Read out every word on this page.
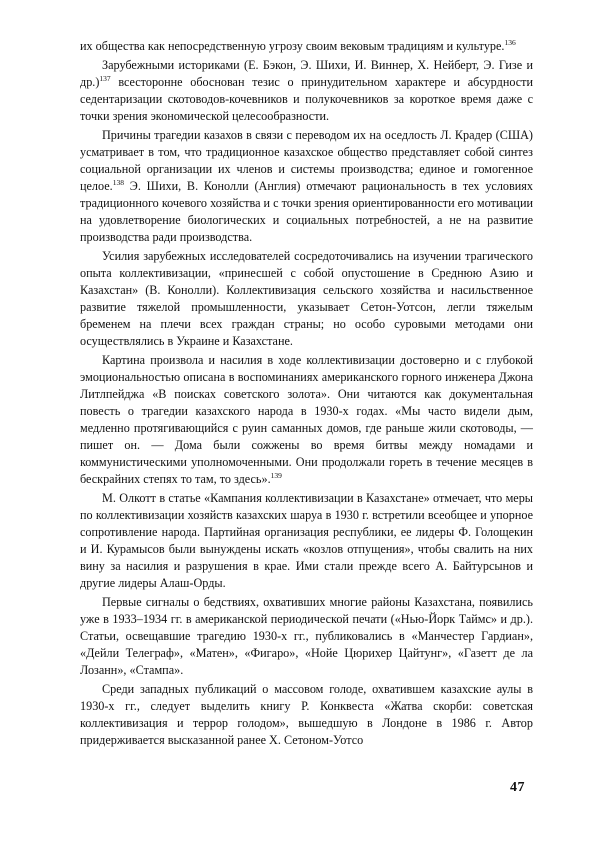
их общества как непосредственную угрозу своим вековым традициям и культуре.$^{136}$

Зарубежными историками (Е. Бэкон, Э. Шихи, И. Виннер, Х. Нейберт, Э. Гизе и др.)$^{137}$ всесторонне обоснован тезис о принудительном характере и абсурдности седентаризации скотоводов-кочевников и полукочевников за короткое время даже с точки зрения экономической целесообразности.

Причины трагедии казахов в связи с переводом их на оседлость Л. Крадер (США) усматривает в том, что традиционное казахское общество представляет собой синтез социальной организации их членов и системы производства; единое и гомогенное целое.$^{138}$ Э. Шихи, В. Конолли (Англия) отмечают рациональность в тех условиях традиционного кочевого хозяйства и с точки зрения ориентированности его мотивации на удовлетворение биологических и социальных потребностей, а не на развитие производства ради производства.

Усилия зарубежных исследователей сосредоточивались на изучении трагического опыта коллективизации, «принесшей с собой опустошение в Среднюю Азию и Казахстан» (В. Конолли). Коллективизация сельского хозяйства и насильственное развитие тяжелой промышленности, указывает Сетон-Уотсон, легли тяжелым бременем на плечи всех граждан страны; но особо суровыми методами они осуществлялись в Украине и Казахстане.

Картина произвола и насилия в ходе коллективизации достоверно и с глубокой эмоциональностью описана в воспоминаниях американского горного инженера Джона Литлпейджа «В поисках советского золота». Они читаются как документальная повесть о трагедии казахского народа в 1930-х годах. «Мы часто видели дым, медленно протягивающийся с руин саманных домов, где раньше жили скотоводы, — пишет он. — Дома были сожжены во время битвы между номадами и коммунистическими уполномоченными. Они продолжали гореть в течение месяцев в бескрайних степях то там, то здесь».$^{139}$

М. Олкотт в статье «Кампания коллективизации в Казахстане» отмечает, что меры по коллективизации хозяйств казахских шаруа в 1930 г. встретили всеобщее и упорное сопротивление народа. Партийная организация республики, ее лидеры Ф. Голощекин и И. Курамысов были вынуждены искать «козлов отпущения», чтобы свалить на них вину за насилия и разрушения в крае. Ими стали прежде всего А. Байтурсынов и другие лидеры Алаш-Орды.

Первые сигналы о бедствиях, охвативших многие районы Казахстана, появились уже в 1933–1934 гг. в американской периодической печати («Нью-Йорк Таймс» и др.). Статьи, освещавшие трагедию 1930-х гг., публиковались в «Манчестер Гардиан», «Дейли Телеграф», «Матен», «Фигаро», «Нойе Цюрихер Цайтунг», «Газетт де ла Лозанн», «Стампа».

Среди западных публикаций о массовом голоде, охватившем казахские аулы в 1930-х гг., следует выделить книгу Р. Конквеста «Жатва скорби: советская коллективизация и террор голодом», вышедшую в Лондоне в 1986 г. Автор придерживается высказанной ранее Х. Сетоном-Уотсо

47
